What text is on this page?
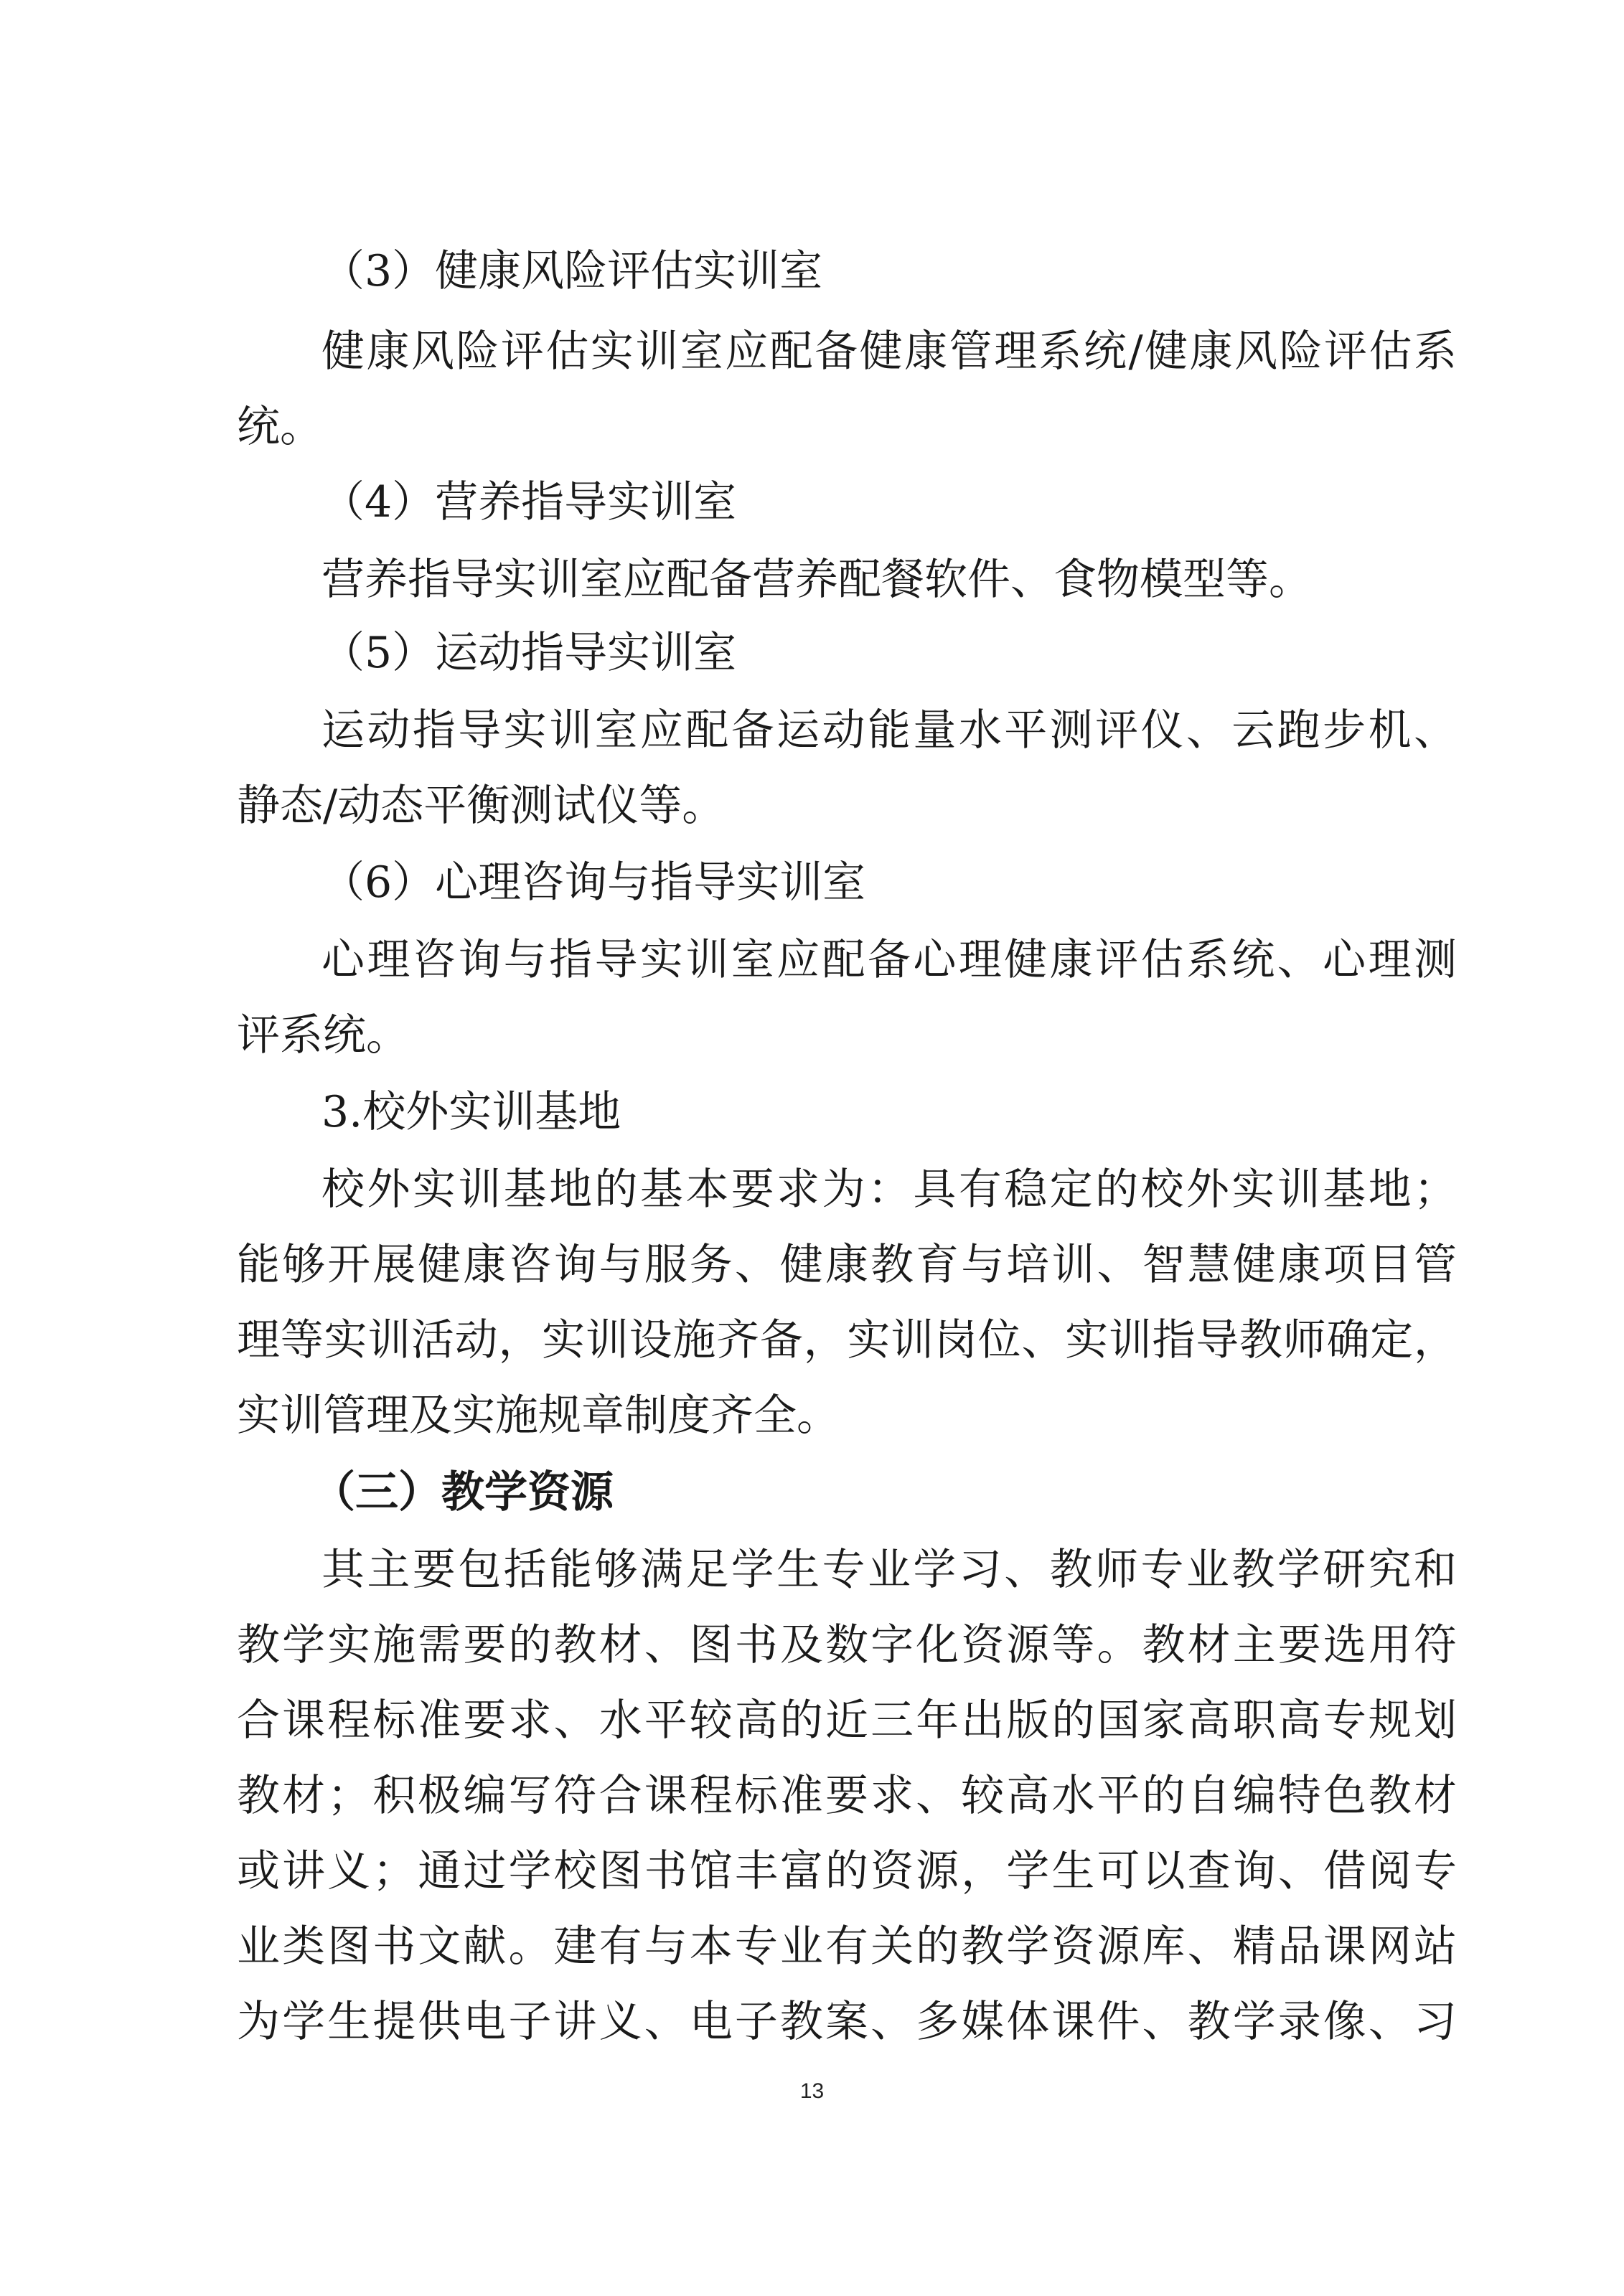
（3）健康风险评估实训室
健康风险评估实训室应配备健康管理系统/健康风险评估系
统。
（4）营养指导实训室
营养指导实训室应配备营养配餐软件、食物模型等。
（5）运动指导实训室
运动指导实训室应配备运动能量水平测评仪、云跑步机、
静态/动态平衡测试仪等。
（6）心理咨询与指导实训室
心理咨询与指导实训室应配备心理健康评估系统、心理测
评系统。
3.校外实训基地
校外实训基地的基本要求为：具有稳定的校外实训基地；
能够开展健康咨询与服务、健康教育与培训、智慧健康项目管
理等实训活动，实训设施齐备，实训岗位、实训指导教师确定，
实训管理及实施规章制度齐全。
（三）教学资源
其主要包括能够满足学生专业学习、教师专业教学研究和
教学实施需要的教材、图书及数字化资源等。教材主要选用符
合课程标准要求、水平较高的近三年出版的国家高职高专规划
教材；积极编写符合课程标准要求、较高水平的自编特色教材
或讲义；通过学校图书馆丰富的资源，学生可以查询、借阅专
业类图书文献。建有与本专业有关的教学资源库、精品课网站
为学生提供电子讲义、电子教案、多媒体课件、教学录像、习
13
